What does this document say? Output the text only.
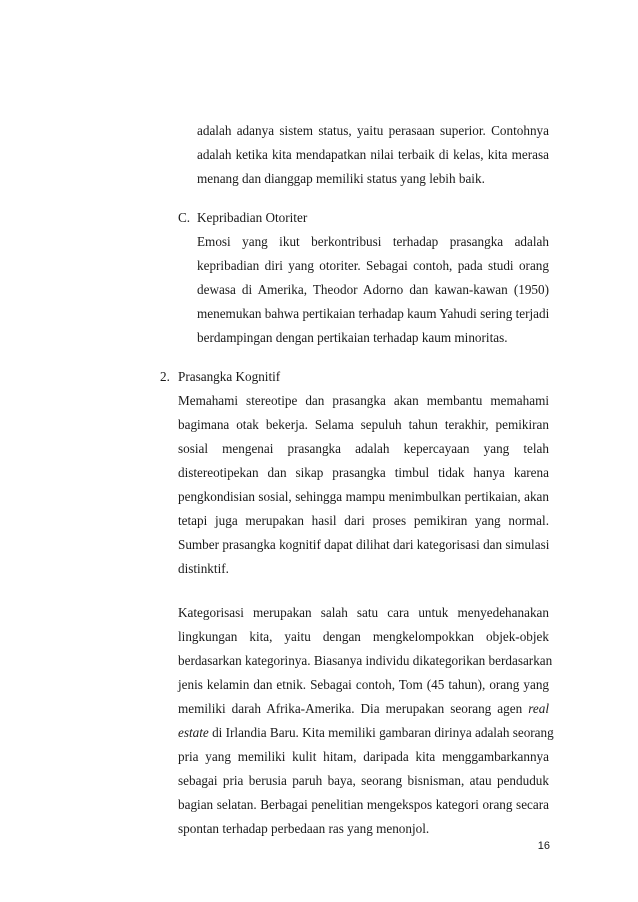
adalah adanya sistem status, yaitu perasaan superior. Contohnya
adalah ketika kita mendapatkan nilai terbaik di kelas, kita merasa
menang dan dianggap memiliki status yang lebih baik.
C. Kepribadian Otoriter
Emosi yang ikut berkontribusi terhadap prasangka adalah
kepribadian diri yang otoriter. Sebagai contoh, pada studi orang
dewasa di Amerika, Theodor Adorno dan kawan-kawan (1950)
menemukan bahwa pertikaian terhadap kaum Yahudi sering terjadi
berdampingan dengan pertikaian terhadap kaum minoritas.
2. Prasangka Kognitif
Memahami stereotipe dan prasangka akan membantu memahami
bagimana otak bekerja. Selama sepuluh tahun terakhir, pemikiran
sosial mengenai prasangka adalah kepercayaan yang telah
distereotipekan dan sikap prasangka timbul tidak hanya karena
pengkondisian sosial, sehingga mampu menimbulkan pertikaian, akan
tetapi juga merupakan hasil dari proses pemikiran yang normal.
Sumber prasangka kognitif dapat dilihat dari kategorisasi dan simulasi
distinktif.
Kategorisasi merupakan salah satu cara untuk menyedehanakan
lingkungan kita, yaitu dengan mengkelompokkan objek-objek
berdasarkan kategorinya. Biasanya individu dikategorikan berdasarkan
jenis kelamin dan etnik. Sebagai contoh, Tom (45 tahun), orang yang
memiliki darah Afrika-Amerika. Dia merupakan seorang agen real
estate di Irlandia Baru. Kita memiliki gambaran dirinya adalah seorang
pria yang memiliki kulit hitam, daripada kita menggambarkannya
sebagai pria berusia paruh baya, seorang bisnisman, atau penduduk
bagian selatan. Berbagai penelitian mengekspos kategori orang secara
spontan terhadap perbedaan ras yang menonjol.
16
